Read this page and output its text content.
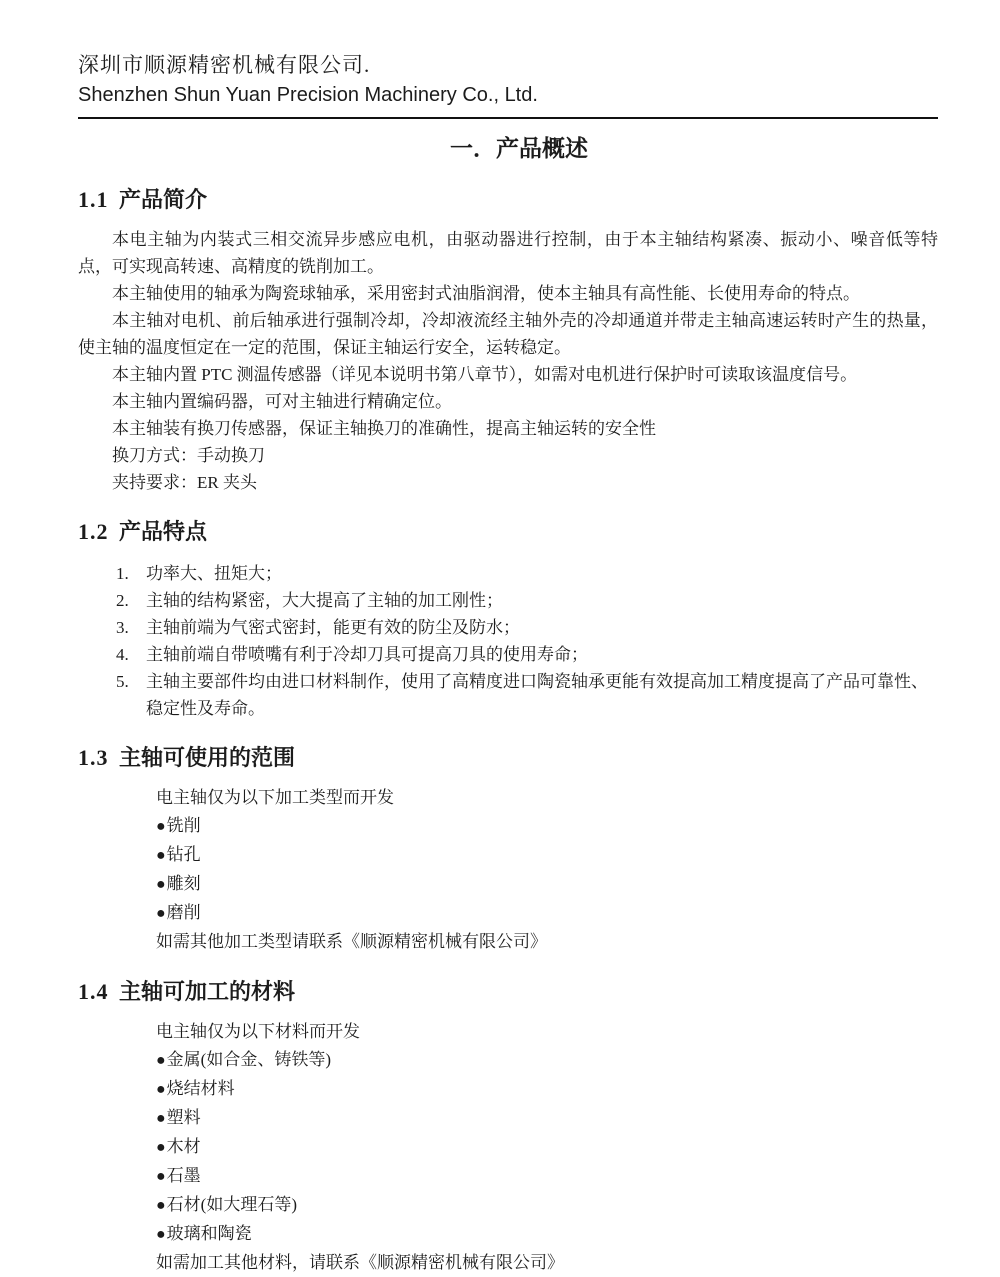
深圳市顺源精密机械有限公司.
Shenzhen Shun Yuan Precision Machinery Co., Ltd.
一．产品概述
1.1 产品简介

本电主轴为内装式三相交流异步感应电机，由驱动器进行控制，由于本主轴结构紧凑、振动小、噪音低等特点，可实现高转速、高精度的铣削加工。

本主轴使用的轴承为陶瓷球轴承，采用密封式油脂润滑，使本主轴具有高性能、长使用寿命的特点。

本主轴对电机、前后轴承进行强制冷却，冷却液流经主轴外壳的冷却通道并带走主轴高速运转时产生的热量，使主轴的温度恒定在一定的范围，保证主轴运行安全，运转稳定。

本主轴内置 PTC 测温传感器（详见本说明书第八章节），如需对电机进行保护时可读取该温度信号。

本主轴内置编码器，可对主轴进行精确定位。

本主轴装有换刀传感器，保证主轴换刀的准确性，提高主轴运转的安全性

换刀方式：手动换刀

夹持要求：ER 夹头

1.2 产品特点
1.	功率大、扭矩大；
2.	主轴的结构紧密，大大提高了主轴的加工刚性；
3.	主轴前端为气密式密封，能更有效的防尘及防水；
4.	主轴前端自带喷嘴有利于冷却刀具可提高刀具的使用寿命；
5.	主轴主要部件均由进口材料制作，使用了高精度进口陶瓷轴承更能有效提高加工精度提高了产品可靠性、稳定性及寿命。
1.3 主轴可使用的范围

电主轴仅为以下加工类型而开发

●铣削

●钻孔

●雕刻

●磨削

如需其他加工类型请联系《顺源精密机械有限公司》

1.4 主轴可加工的材料

电主轴仅为以下材料而开发

●金属(如合金、铸铁等)

●烧结材料

●塑料

●木材

●石墨

●石材(如大理石等)

●玻璃和陶瓷

如需加工其他材料，请联系《顺源精密机械有限公司》
